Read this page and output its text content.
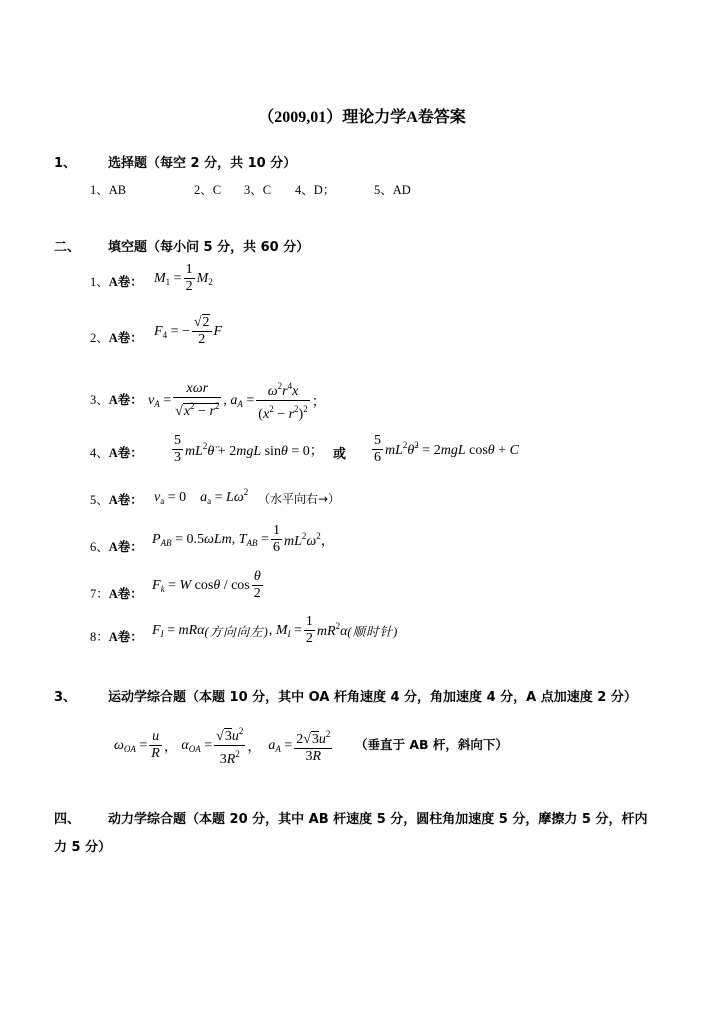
（2009,01）理论力学A卷答案
1、 选择题（每空 2 分，共 10 分）
1、AB	2、C 3、C 4、D；	5、AD
二、 填空题（每小问 5 分，共 60 分）
1、A卷： $M_1 = \frac{1}{2} M_2$
2、A卷： $F_4$ = − $\frac{√2}{2}$ F
3、A卷： $v_A = \frac{\text{xωr}}{√x^2 - r^2}$ , $a_A = \frac{\omega^2r^4x}{(x^2 - r^2)^2}$ ；
4、A卷： $\frac{5}{3}$ $mL^2\thetä + 2mgL$ sinθ = 0； 或 $\frac{5}{6}$ $mL^2\thetȧ^2 = 2mgL$ cosθ + C
5、A卷： $v_a = 0$    $a_a = L\omega^2$ （水平向右→）
6、A卷：
$P_{AB} = 0.5\omega Lm$, $T_{AB} = \frac{1}{6} mL^2\omega^2$，
7：A卷：
$F_k = W$ cosθ / $\cos \frac{\theta}{2}$
8：A卷： $F_I = mR\alpha$(方向向左), $M_I = \frac{1}{2} mR^2\alpha$(顺时针)
3、 运动学综合题（本题 10 分，其中 OA 杆角速度 4 分，角加速度 4 分，A 点加速度 2 分）
$\omega_{OA} = \frac{u}{R}$ ， $\alpha_{OA} = \frac{√3u^2}{3R^2}$ ， $a_A = \frac{2√3u^2}{3R}$ （垂直于 AB 杆，斜向下）
四、 动力学综合题（本题 20 分，其中 AB 杆速度 5 分，圆柱角加速度 5 分，摩擦力 5 分，杆内
力 5 分）
